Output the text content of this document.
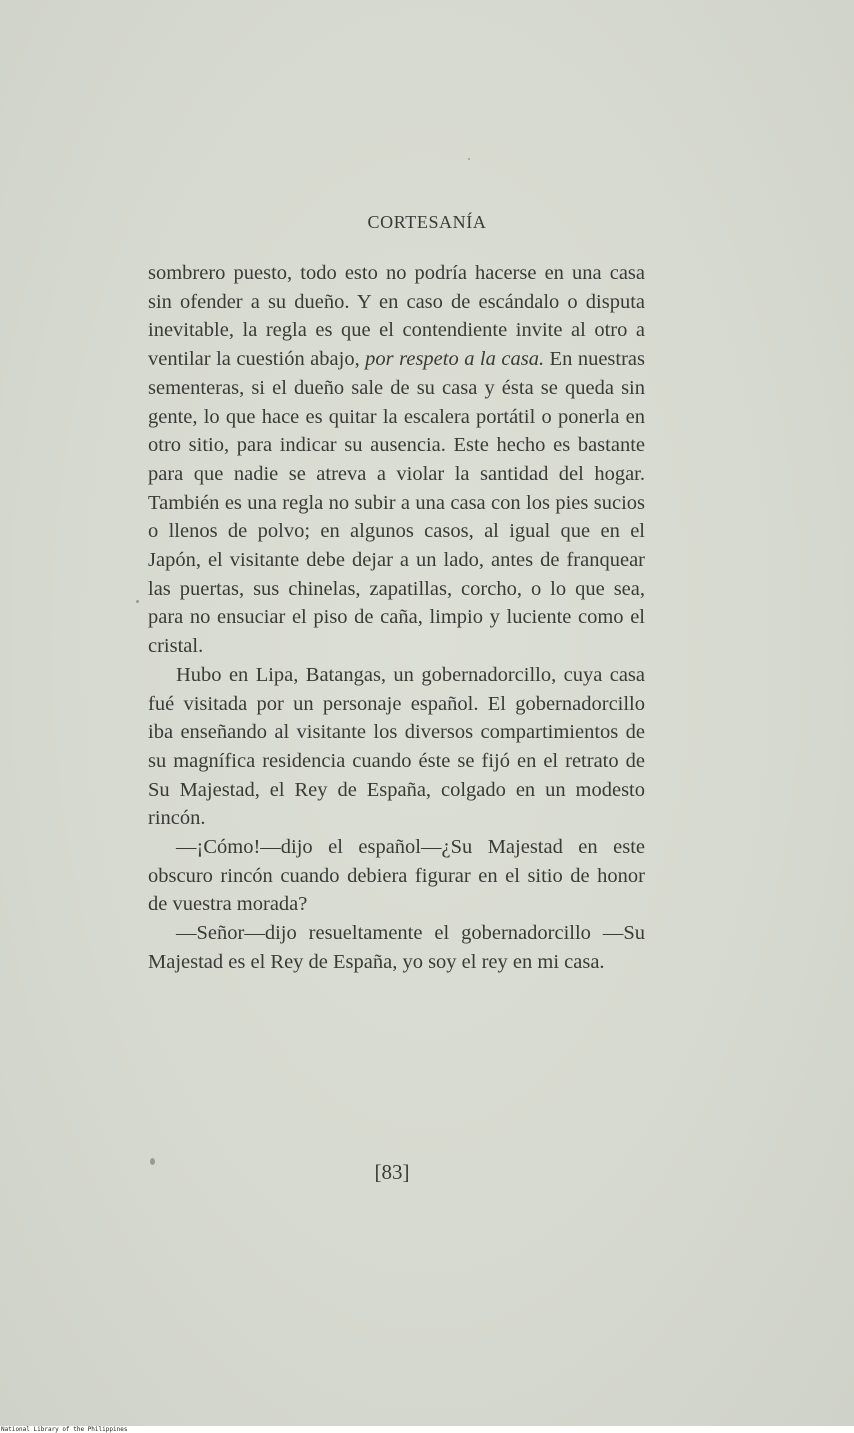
CORTESANÍA

sombrero puesto, todo esto no podría hacerse en una casa sin ofender a su dueño. Y en caso de escándalo o disputa inevitable, la regla es que el contendiente invite al otro a ventilar la cuestión abajo, por respeto a la casa. En nuestras sementeras, si el dueño sale de su casa y ésta se queda sin gente, lo que hace es quitar la escalera portátil o ponerla en otro sitio, para indicar su ausencia. Este hecho es bastante para que nadie se atreva a violar la santidad del hogar. También es una regla no subir a una casa con los pies sucios o llenos de polvo; en algunos casos, al igual que en el Japón, el visitante debe dejar a un lado, antes de franquear las puertas, sus chinelas, zapatillas, corcho, o lo que sea, para no ensuciar el piso de caña, limpio y luciente como el cristal.

Hubo en Lipa, Batangas, un gobernadorcillo, cuya casa fué visitada por un personaje español. El gobernadorcillo iba enseñando al visitante los diversos compartimientos de su magnífica residencia cuando éste se fijó en el retrato de Su Majestad, el Rey de España, colgado en un modesto rincón.

—¡Cómo!—dijo el español—¿Su Majestad en este obscuro rincón cuando debiera figurar en el sitio de honor de vuestra morada?

—Señor—dijo resueltamente el gobernadorcillo —Su Majestad es el Rey de España, yo soy el rey en mi casa.

[83]
National Library of the Philippines
